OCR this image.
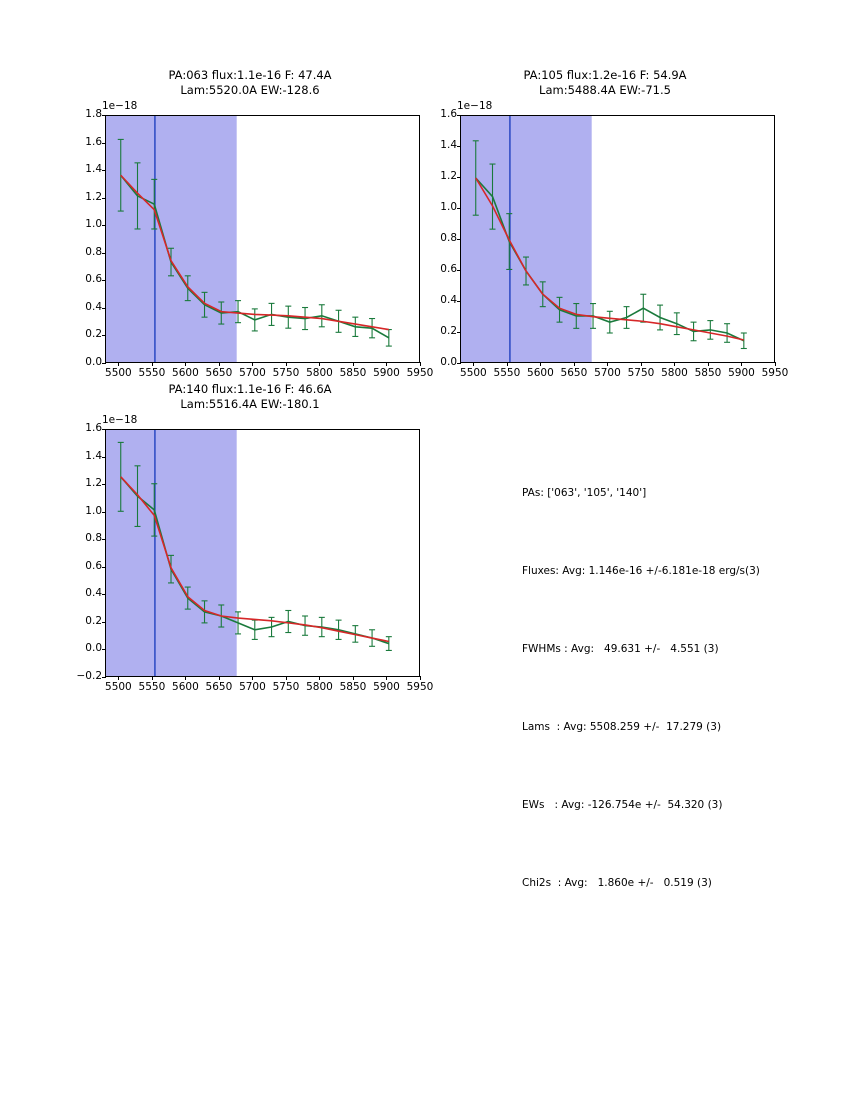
PA:063 flux:1.1e-16 F: 47.4A
Lam:5520.0A EW:-128.6
1e−18
0.0
0.2
0.4
0.6
0.8
1.0
1.2
1.4
1.6
1.8
5500 5550 5600 5650 5700 5750 5800 5850 5900 5950
PA:105 flux:1.2e-16 F: 54.9A
Lam:5488.4A EW:-71.5
1e−18
0.0
0.2
0.4
0.6
0.8
1.0
1.2
1.4
1.6
5500 5550 5600 5650 5700 5750 5800 5850 5900 5950
PA:140 flux:1.1e-16 F: 46.6A
Lam:5516.4A EW:-180.1
1e−18
−0.2
0.0
0.2
0.4
0.6
0.8
1.0
1.2
1.4
1.6
5500 5550 5600 5650 5700 5750 5800 5850 5900 5950

PAs: ['063', '105', '140']

Fluxes: Avg: 1.146e-16 +/-6.181e-18 erg/s(3)

FWHMs : Avg:   49.631 +/-   4.551 (3)

Lams  : Avg: 5508.259 +/-  17.279 (3)

EWs   : Avg: -126.754e +/-  54.320 (3)

Chi2s  : Avg:   1.860e +/-   0.519 (3)
